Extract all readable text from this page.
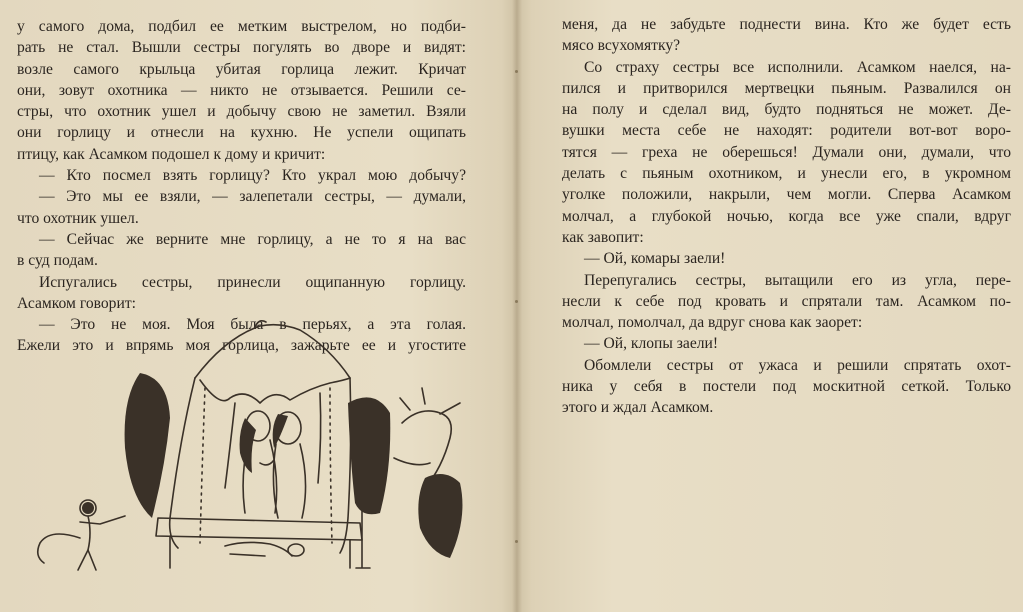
у самого дома, подбил ее метким выстрелом, но подби-
рать не стал. Вышли сестры погулять во дворе и видят:
возле самого крыльца убитая горлица лежит. Кричат
они, зовут охотника — никто не отзывается. Решили се-
стры, что охотник ушел и добычу свою не заметил. Взяли
они горлицу и отнесли на кухню. Не успели ощипать
птицу, как Асамком подошел к дому и кричит:
— Кто посмел взять горлицу? Кто украл мою добычу?
— Это мы ее взяли, — залепетали сестры, — думали,
что охотник ушел.
— Сейчас же верните мне горлицу, а не то я на вас
в суд подам.
Испугались сестры, принесли ощипанную горлицу.
Асамком говорит:
— Это не моя. Моя была в перьях, а эта голая.
Ежели это и впрямь моя горлица, зажарьте ее и угостите
меня, да не забудьте поднести вина. Кто же будет есть
мясо всухомятку?
Со страху сестры все исполнили. Асамком наелся, на-
пился и притворился мертвецки пьяным. Развалился он
на полу и сделал вид, будто подняться не может. Де-
вушки места себе не находят: родители вот-вот воро-
тятся — греха не оберешься! Думали они, думали, что
делать с пьяным охотником, и унесли его, в укромном
уголке положили, накрыли, чем могли. Сперва Асамком
молчал, а глубокой ночью, когда все уже спали, вдруг
как завопит:
— Ой, комары заели!
Перепугались сестры, вытащили его из угла, пере-
несли к себе под кровать и спрятали там. Асамком по-
молчал, помолчал, да вдруг снова как заорет:
— Ой, клопы заели!
Обомлели сестры от ужаса и решили спрятать охот-
ника у себя в постели под москитной сеткой. Только
этого и ждал Асамком.
